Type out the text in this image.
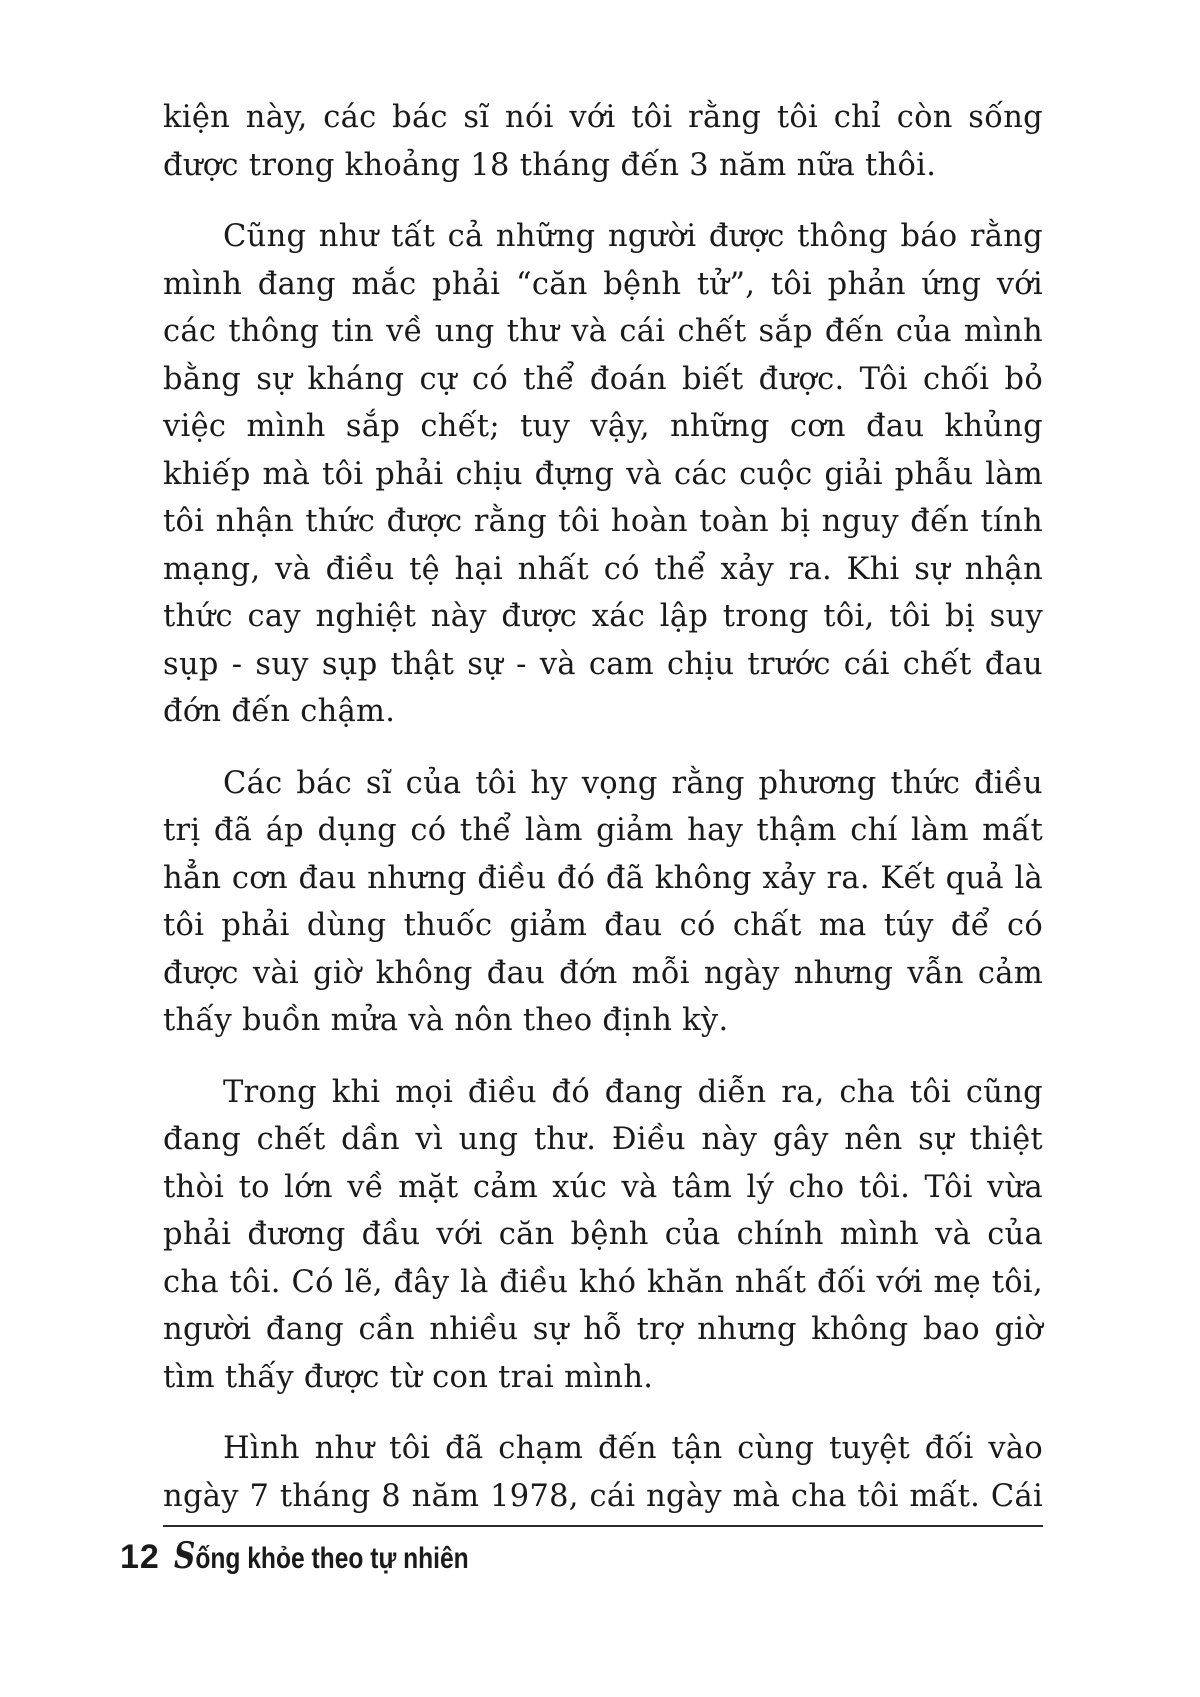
kiện này, các bác sĩ nói với tôi rằng tôi chỉ còn sống được trong khoảng 18 tháng đến 3 năm nữa thôi.

Cũng như tất cả những người được thông báo rằng mình đang mắc phải “căn bệnh tử”, tôi phản ứng với các thông tin về ung thư và cái chết sắp đến của mình bằng sự kháng cự có thể đoán biết được. Tôi chối bỏ việc mình sắp chết; tuy vậy, những cơn đau khủng khiếp mà tôi phải chịu đựng và các cuộc giải phẫu làm tôi nhận thức được rằng tôi hoàn toàn bị nguy đến tính mạng, và điều tệ hại nhất có thể xảy ra. Khi sự nhận thức cay nghiệt này được xác lập trong tôi, tôi bị suy sụp - suy sụp thật sự - và cam chịu trước cái chết đau đớn đến chậm.

Các bác sĩ của tôi hy vọng rằng phương thức điều trị đã áp dụng có thể làm giảm hay thậm chí làm mất hẳn cơn đau nhưng điều đó đã không xảy ra. Kết quả là tôi phải dùng thuốc giảm đau có chất ma túy để có được vài giờ không đau đớn mỗi ngày nhưng vẫn cảm thấy buồn mửa và nôn theo định kỳ.

Trong khi mọi điều đó đang diễn ra, cha tôi cũng đang chết dần vì ung thư. Điều này gây nên sự thiệt thòi to lớn về mặt cảm xúc và tâm lý cho tôi. Tôi vừa phải đương đầu với căn bệnh của chính mình và của cha tôi. Có lẽ, đây là điều khó khăn nhất đối với mẹ tôi, người đang cần nhiều sự hỗ trợ nhưng không bao giờ tìm thấy được từ con trai mình.

Hình như tôi đã chạm đến tận cùng tuyệt đối vào ngày 7 tháng 8 năm 1978, cái ngày mà cha tôi mất. Cái

12 Sống khỏe theo tự nhiên
